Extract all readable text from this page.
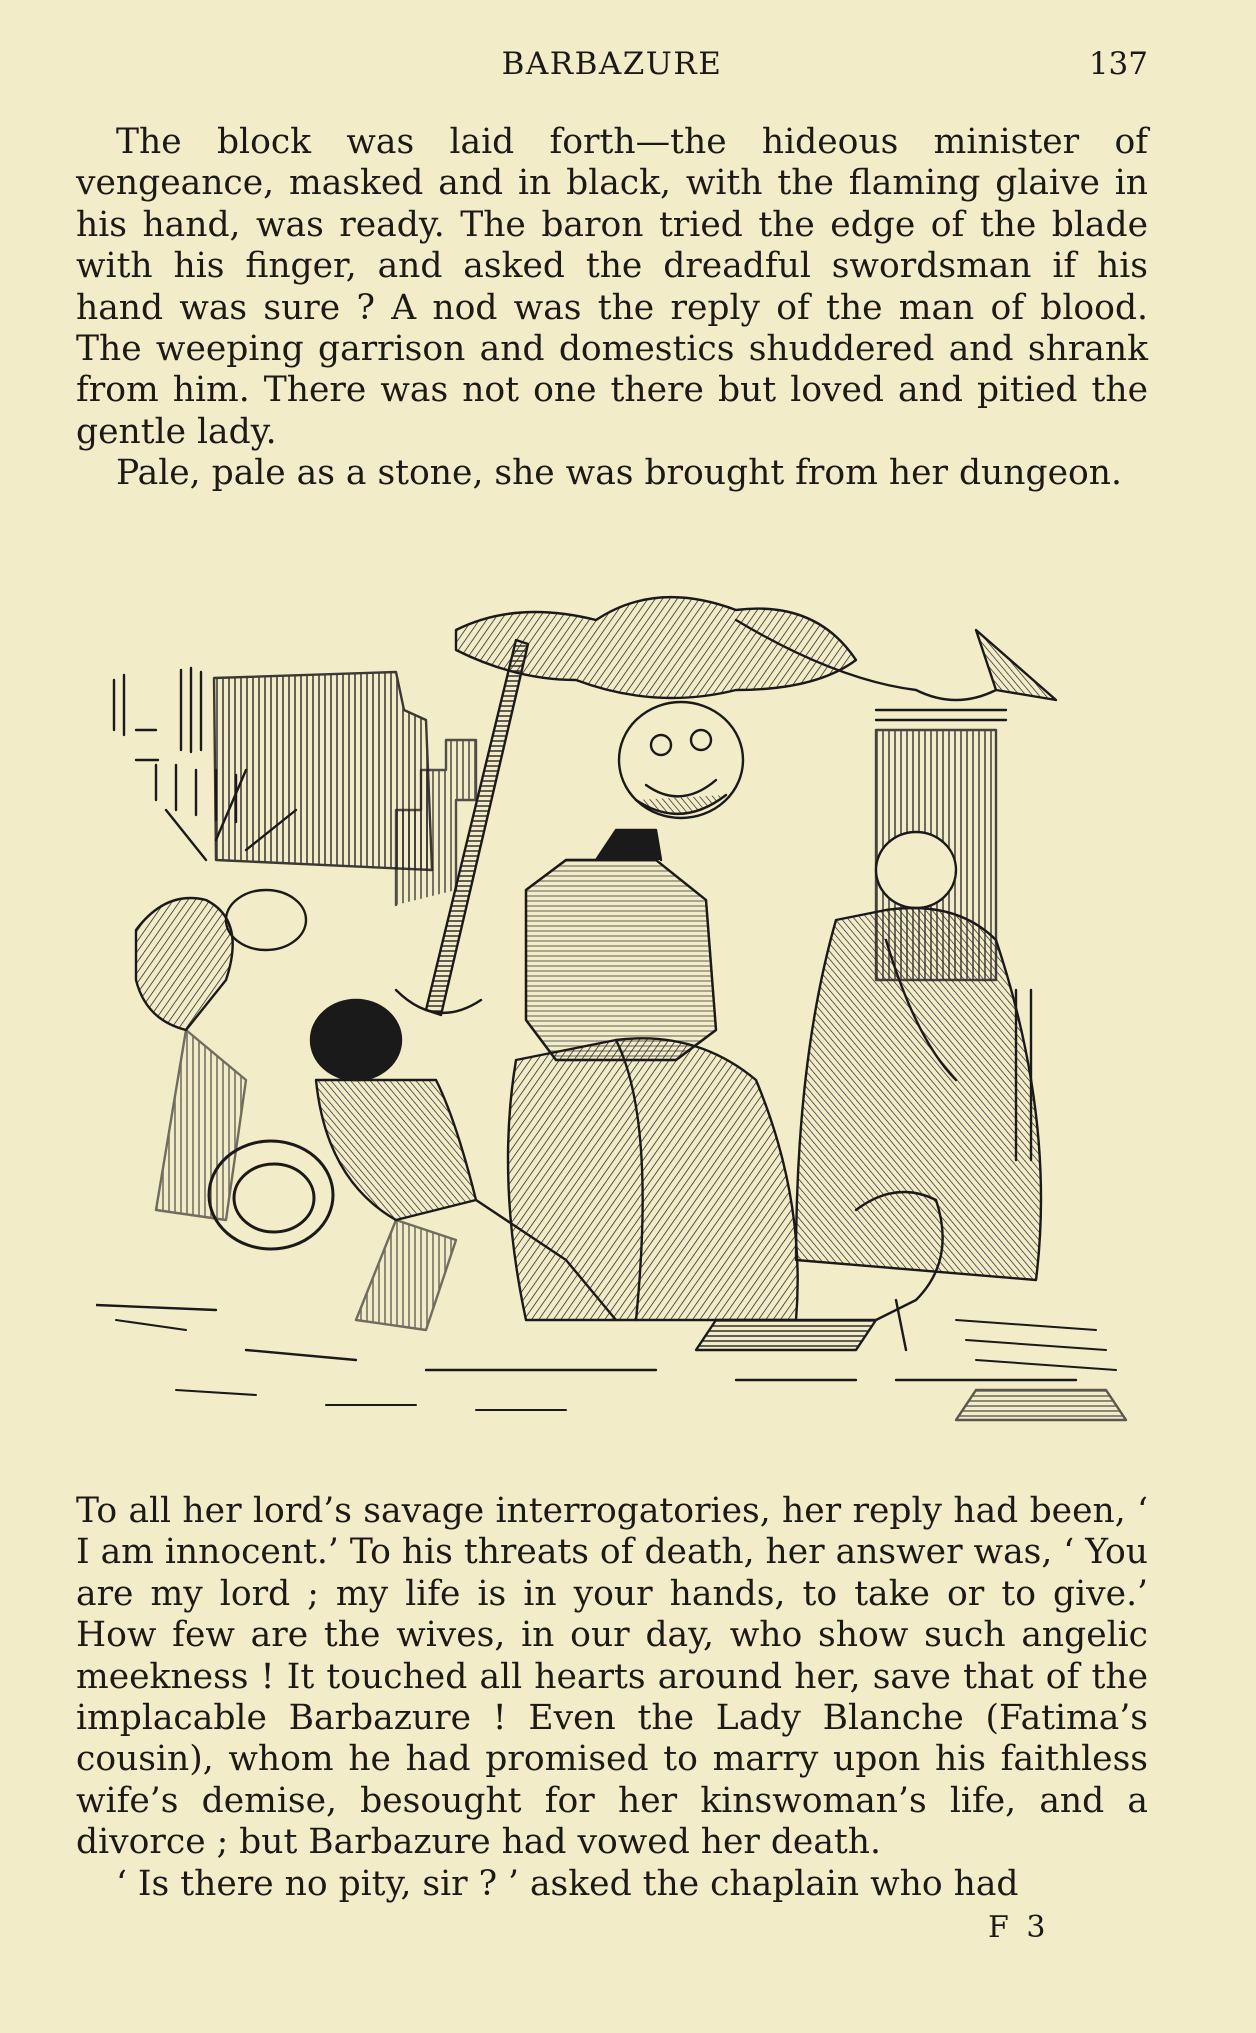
BARBAZURE	137

The block was laid forth—the hideous minister of vengeance, masked and in black, with the flaming glaive in his hand, was ready. The baron tried the edge of the blade with his finger, and asked the dreadful swordsman if his hand was sure ? A nod was the reply of the man of blood. The weeping garrison and domestics shuddered and shrank from him. There was not one there but loved and pitied the gentle lady.

Pale, pale as a stone, she was brought from her dungeon.

To all her lord’s savage interrogatories, her reply had been, ‘ I am innocent.’ To his threats of death, her answer was, ‘ You are my lord ; my life is in your hands, to take or to give.’ How few are the wives, in our day, who show such angelic meekness ! It touched all hearts around her, save that of the implacable Barbazure ! Even the Lady Blanche (Fatima’s cousin), whom he had promised to marry upon his faithless wife’s demise, besought for her kinswoman’s life, and a divorce ; but Barbazure had vowed her death.

‘ Is there no pity, sir ? ’ asked the chaplain who had

F 3
